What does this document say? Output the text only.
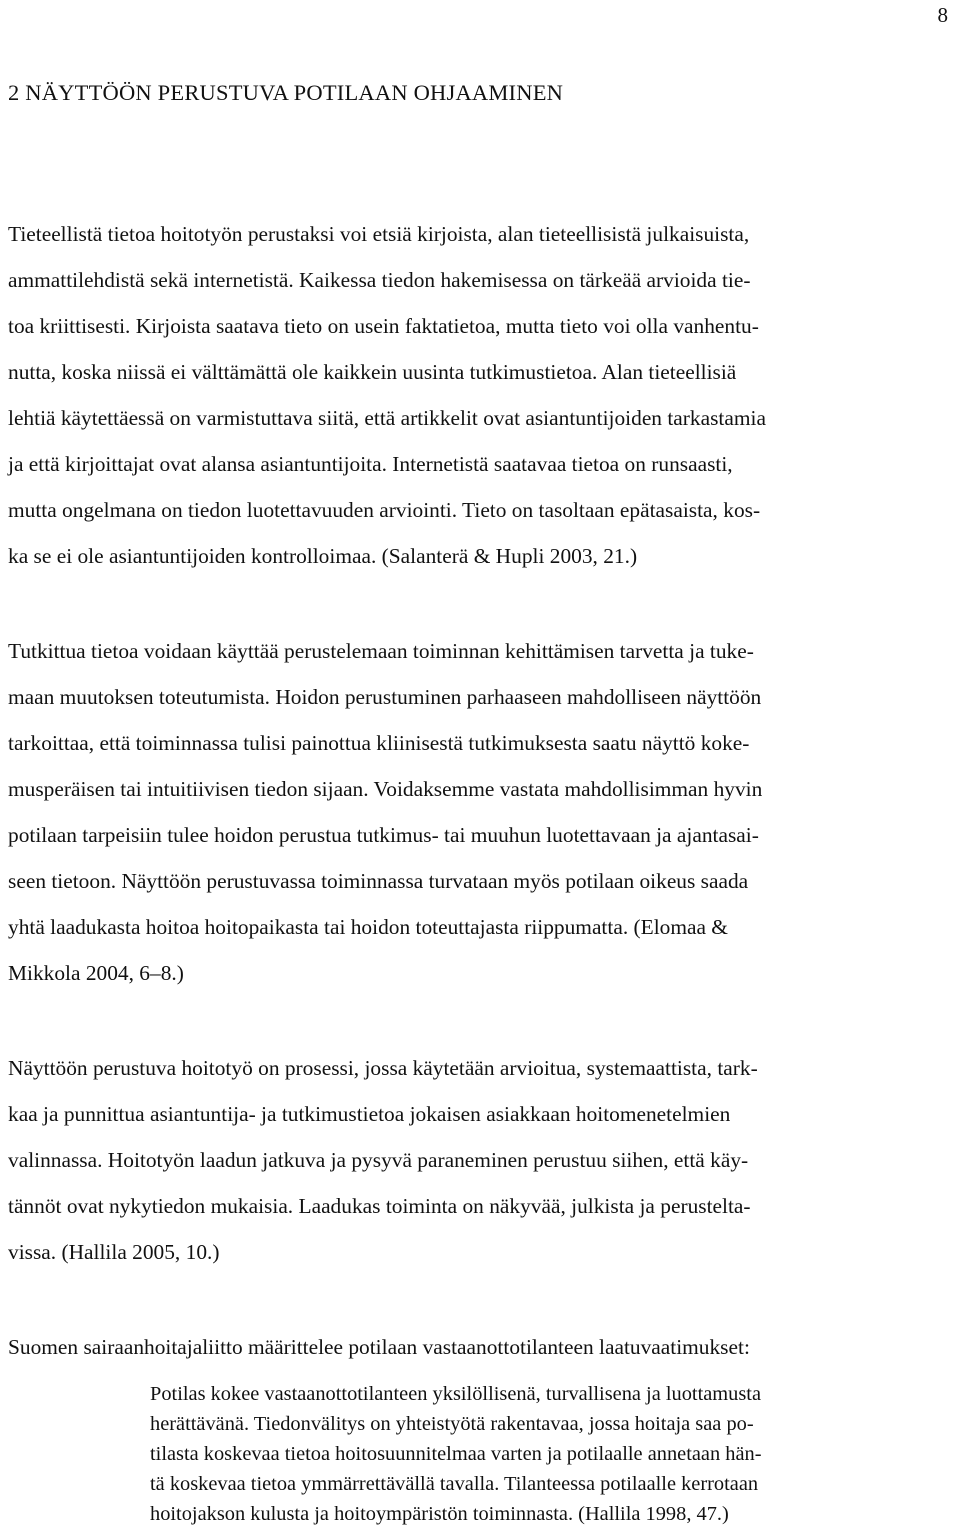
8
2 NÄYTTÖÖN PERUSTUVA POTILAAN OHJAAMINEN
Tieteellistä tietoa hoitotyön perustaksi voi etsiä kirjoista, alan tieteellisistä julkaisuista,
ammattilehdistä sekä internetistä. Kaikessa tiedon hakemisessa on tärkeää arvioida tie-
toa kriittisesti. Kirjoista saatava tieto on usein faktatietoa, mutta tieto voi olla vanhentu-
nutta, koska niissä ei välttämättä ole kaikkein uusinta tutkimustietoa. Alan tieteellisiä
lehtiä käytettäessä on varmistuttava siitä, että artikkelit ovat asiantuntijoiden tarkastamia
ja että kirjoittajat ovat alansa asiantuntijoita. Internetistä saatavaa tietoa on runsaasti,
mutta ongelmana on tiedon luotettavuuden arviointi. Tieto on tasoltaan epätasaista, kos-
ka se ei ole asiantuntijoiden kontrolloimaa. (Salanterä & Hupli 2003, 21.)
Tutkittua tietoa voidaan käyttää perustelemaan toiminnan kehittämisen tarvetta ja tuke-
maan muutoksen toteutumista. Hoidon perustuminen parhaaseen mahdolliseen näyttöön
tarkoittaa, että toiminnassa tulisi painottua kliinisestä tutkimuksesta saatu näyttö koke-
musperäisen tai intuitiivisen tiedon sijaan. Voidaksemme vastata mahdollisimman hyvin
potilaan tarpeisiin tulee hoidon perustua tutkimus- tai muuhun luotettavaan ja ajantasai-
seen tietoon. Näyttöön perustuvassa toiminnassa turvataan myös potilaan oikeus saada
yhtä laadukasta hoitoa hoitopaikasta tai hoidon toteuttajasta riippumatta. (Elomaa &
Mikkola 2004, 6–8.)
Näyttöön perustuva hoitotyö on prosessi, jossa käytetään arvioitua, systemaattista, tark-
kaa ja punnittua asiantuntija- ja tutkimustietoa jokaisen asiakkaan hoitomenetelmien
valinnassa. Hoitotyön laadun jatkuva ja pysyvä paraneminen perustuu siihen, että käy-
tännöt ovat nykytiedon mukaisia. Laadukas toiminta on näkyvää, julkista ja perustelta-
vissa. (Hallila 2005, 10.)
Suomen sairaanhoitajaliitto määrittelee potilaan vastaanottotilanteen laatuvaatimukset:
Potilas kokee vastaanottotilanteen yksilöllisenä, turvallisena ja luottamusta
herättävänä. Tiedonvälitys on yhteistyötä rakentavaa, jossa hoitaja saa po-
tilasta koskevaa tietoa hoitosuunnitelmaa varten ja potilaalle annetaan hän-
tä koskevaa tietoa ymmärrettävällä tavalla. Tilanteessa potilaalle kerrotaan
hoitojakson kulusta ja hoitoympäristön toiminnasta. (Hallila 1998, 47.)
